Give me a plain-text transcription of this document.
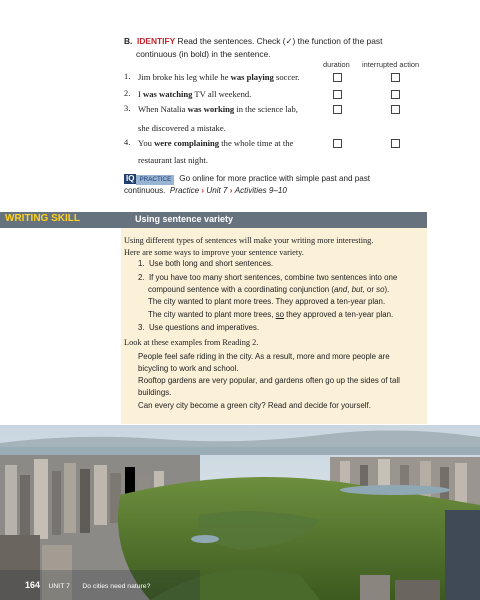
B. IDENTIFY Read the sentences. Check (✓) the function of the past
continuous (in bold) in the sentence.
duration interrupted action
1. Jim broke his leg while he was playing soccer.
2. I was watching TV all weekend.
3. When Natalia was working in the science lab,
she discovered a mistake.
4. You were complaining the whole time at the
restaurant last night.
IQ PRACTICE Go online for more practice with simple past and past
continuous. Practice › Unit 7 › Activities 9–10
WRITING SKILL	Using sentence variety
Using different types of sentences will make your writing more interesting.
Here are some ways to improve your sentence variety.
1.  Use both long and short sentences.
2.  If you have too many short sentences, combine two sentences into one
compound sentence with a coordinating conjunction (and, but, or so).
The city wanted to plant more trees. They approved a ten-year plan.
The city wanted to plant more trees, so they approved a ten-year plan.
3.  Use questions and imperatives.
Look at these examples from Reading 2.
People feel safe riding in the city. As a result, more and more people are
bicycling to work and school.
Rooftop gardens are very popular, and gardens often go up the sides of tall
buildings.
Can every city become a green city? Read and decide for yourself.
164 UNIT 7 Do cities need nature?
